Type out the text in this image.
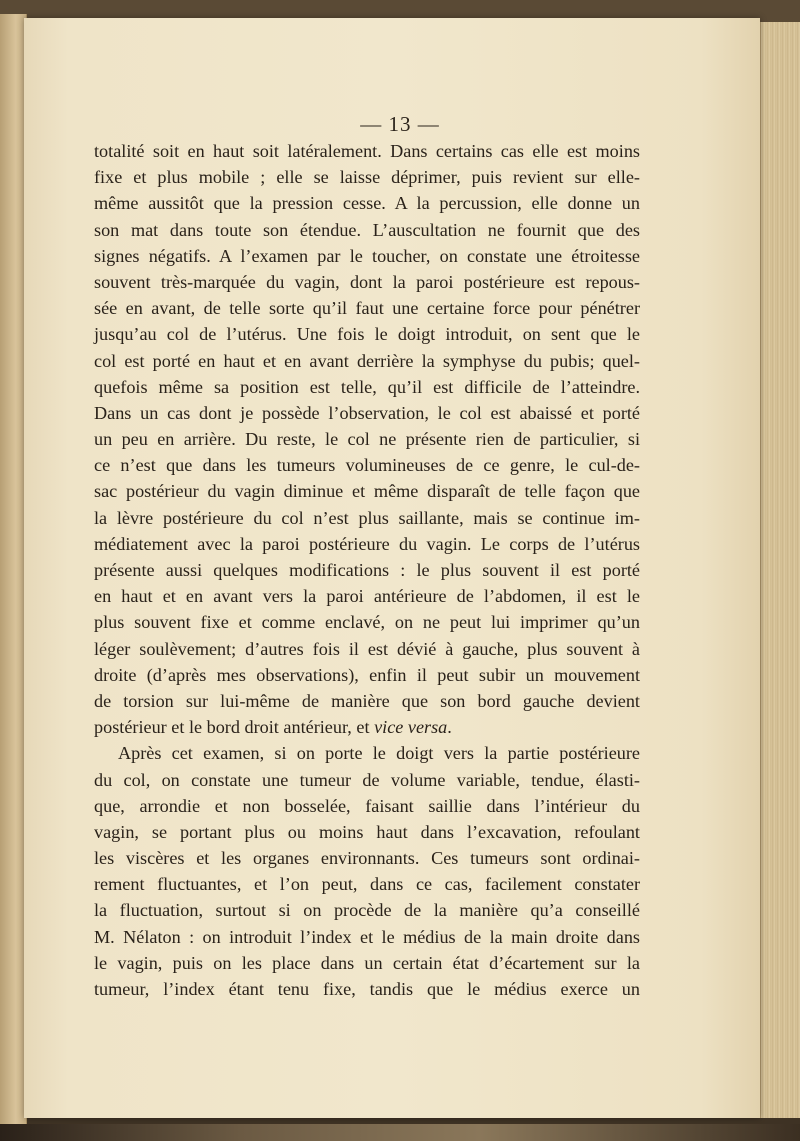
— 13 —
totalité soit en haut soit latéralement. Dans certains cas elle est moins
fixe et plus mobile ; elle se laisse déprimer, puis revient sur elle-
même aussitôt que la pression cesse. A la percussion, elle donne un
son mat dans toute son étendue. L’auscultation ne fournit que des
signes négatifs. A l’examen par le toucher, on constate une étroitesse
souvent très-marquée du vagin, dont la paroi postérieure est repous-
sée en avant, de telle sorte qu’il faut une certaine force pour pénétrer
jusqu’au col de l’utérus. Une fois le doigt introduit, on sent que le
col est porté en haut et en avant derrière la symphyse du pubis; quel-
quefois même sa position est telle, qu’il est difficile de l’atteindre.
Dans un cas dont je possède l’observation, le col est abaissé et porté
un peu en arrière. Du reste, le col ne présente rien de particulier, si
ce n’est que dans les tumeurs volumineuses de ce genre, le cul-de-
sac postérieur du vagin diminue et même disparaît de telle façon que
la lèvre postérieure du col n’est plus saillante, mais se continue im-
médiatement avec la paroi postérieure du vagin. Le corps de l’utérus
présente aussi quelques modifications : le plus souvent il est porté
en haut et en avant vers la paroi antérieure de l’abdomen, il est le
plus souvent fixe et comme enclavé, on ne peut lui imprimer qu’un
léger soulèvement; d’autres fois il est dévié à gauche, plus souvent à
droite (d’après mes observations), enfin il peut subir un mouvement
de torsion sur lui-même de manière que son bord gauche devient
postérieur et le bord droit antérieur, et vice versa.
Après cet examen, si on porte le doigt vers la partie postérieure
du col, on constate une tumeur de volume variable, tendue, élasti-
que, arrondie et non bosselée, faisant saillie dans l’intérieur du
vagin, se portant plus ou moins haut dans l’excavation, refoulant
les viscères et les organes environnants. Ces tumeurs sont ordinai-
rement fluctuantes, et l’on peut, dans ce cas, facilement constater
la fluctuation, surtout si on procède de la manière qu’a conseillé
M. Nélaton : on introduit l’index et le médius de la main droite dans
le vagin, puis on les place dans un certain état d’écartement sur la
tumeur, l’index étant tenu fixe, tandis que le médius exerce un
